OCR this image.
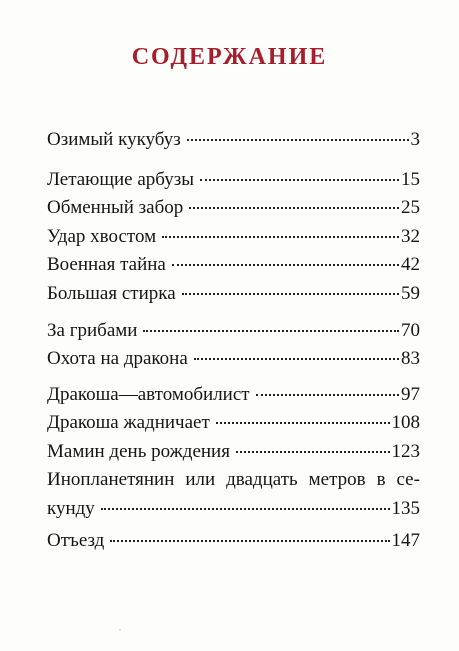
СОДЕРЖАНИЕ
Озимый кукубуз	3
Летающие арбузы	15
Обменный забор	25
Удар хвостом	32
Военная тайна	42
Большая стирка	59
За грибами	70
Охота на дракона	83
Дракоша—автомобилист	97
Дракоша жадничает	108
Мамин день рождения	123
Инопланетянин или двадцать метров в се-
кунду	135
Отъезд	147
